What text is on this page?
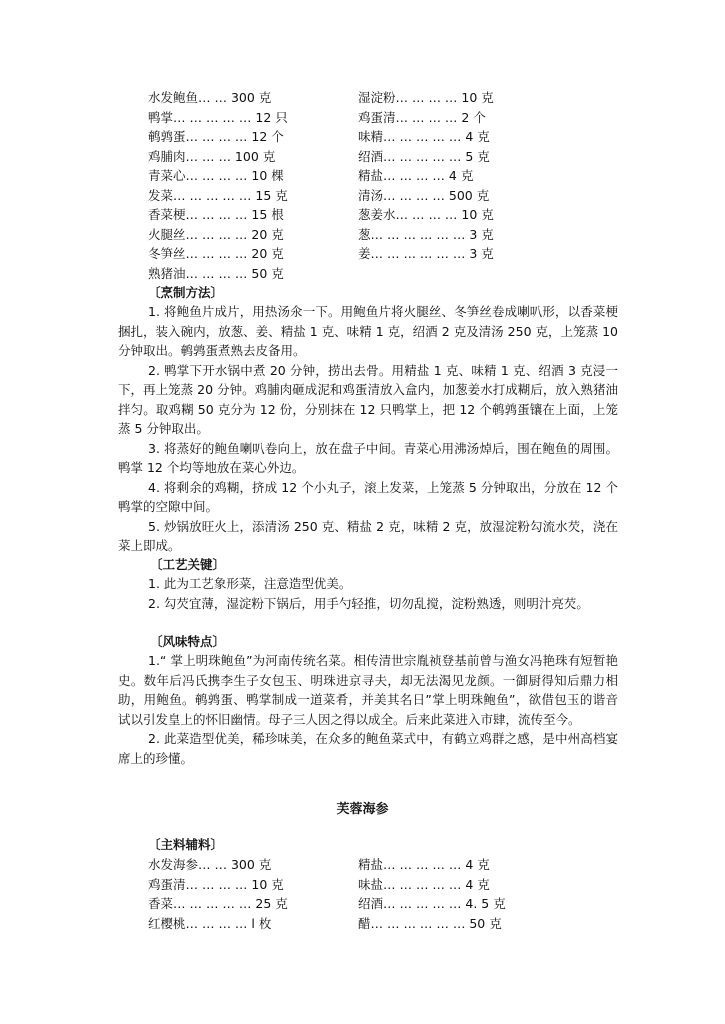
水发鲍鱼… … 300 克
鸭掌… … … … … 12 只
鹌鹑蛋… … … … 12 个
鸡脯肉… … … 100 克
青菜心… … … … 10 棵
发菜… … … … … 15 克
香菜梗… … … … 15 根
火腿丝… … … … 20 克
冬笋丝… … … … 20 克
熟猪油… … … … 50 克
湿淀粉… … … … 10 克
鸡蛋清… … … … 2 个
味精… … … … … 4 克
绍酒… … … … … 5 克
精盐… … … … 4 克
清汤… … … … 500 克
葱姜水… … … … 10 克
葱… … … … … … 3 克
姜… … … … … … 3 克
〔烹制方法〕

1. 将鲍鱼片成片，用热汤氽一下。用鲍鱼片将火腿丝、冬笋丝卷成喇叭形，以香菜梗捆扎，装入碗内，放葱、姜、精盐 1 克、味精 1 克，绍酒 2 克及清汤 250 克，上笼蒸 10 分钟取出。鹌鹑蛋煮熟去皮备用。

2. 鸭掌下开水锅中煮 20 分钟，捞出去骨。用精盐 1 克、味精 1 克、绍酒 3 克浸一下，再上笼蒸 20 分钟。鸡脯肉砸成泥和鸡蛋清放入盒内，加葱姜水打成糊后，放入熟猪油拌匀。取鸡糊 50 克分为 12 份，分别抹在 12 只鸭掌上，把 12 个鹌鹑蛋镶在上面，上笼蒸 5 分钟取出。

3. 将蒸好的鲍鱼喇叭卷向上，放在盘子中间。青菜心用沸汤焯后，围在鲍鱼的周围。鸭掌 12 个均等地放在菜心外边。

4. 将剩余的鸡糊，挤成 12 个小丸子，滚上发菜，上笼蒸 5 分钟取出，分放在 12 个鸭掌的空隙中间。

5. 炒锅放旺火上，添清汤 250 克、精盐 2 克，味精 2 克，放湿淀粉勾流水芡，浇在菜上即成。

〔工艺关键〕

1. 此为工艺象形菜，注意造型优美。

2. 勾芡宜薄，湿淀粉下锅后，用手勺轻推，切勿乱搅，淀粉熟透，则明汁亮芡。

〔风味特点〕

1.“ 掌上明珠鲍鱼”为河南传统名菜。相传清世宗胤祯登基前曾与渔女冯艳珠有短暂艳史。数年后冯氏携李生子女包玉、明珠进京寻夫，却无法渴见龙颜。一御厨得知后鼎力相助，用鲍鱼。鹌鹑蛋、鸭掌制成一道菜肴，并美其名日”掌上明珠鲍鱼”，欲借包玉的谐音试以引发皇上的怀旧幽情。母子三人因之得以成全。后来此菜进入市肆，流传至今。

2. 此菜造型优美，稀珍味美，在众多的鲍鱼菜式中，有鹤立鸡群之感，是中州高档宴席上的珍懂。

芙蓉海参
〔主料辅料〕
水发海参… … 300 克
鸡蛋清… … … … 10 克
香菜… … … … … 25 克
红樱桃… … … … l 枚
精盐… … … … … 4 克
味盐… … … … … 4 克
绍酒… … … … … 4. 5 克
醋… … … … … … 50 克
